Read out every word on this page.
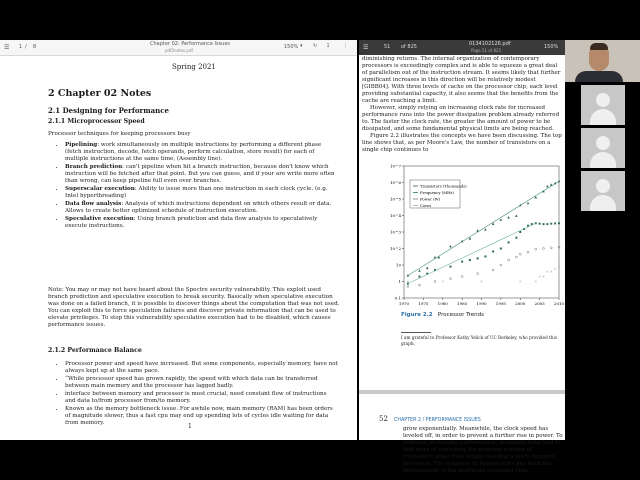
☰ 1 / 8	Chapter 02: Performance Issues
pdf2notes.pdf
150% ▾ ↻ ↧	⋮
Spring 2021
2 Chapter 02 Notes
2.1 Designing for Performance
2.1.1 Microprocessor Speed
Processor techniques for keeping processors busy
• Pipelining: work simultaneously on multiple instructions by performing a different phase (fetch instruction, decode, fetch operands, perform calculation, store result) for each of multiple instructions at the same time, (Assembly line).
• Branch prediction: can't pipeline when hit a branch instruction, because don't know which instruction will be fetched after that point. But you can guess, and if your are write more often than wrong, can keep pipeline full even over branches.
• Superscalar execution: Ability to issue more than one instruction in each clock cycle. (e.g. Intel hyperthreading)
• Data flow analysis: Analysis of which instructions dependent on which others result or data. Allows to create better optimized schedule of instruction execution.
• Speculative execution: Using branch prediction and data flow analysis to speculatively execute instructions.
Note: You may or may not have heard about the Spectre security vulnerability. This exploit used branch prediction and speculative execution to break security. Basically when speculative execution was done on a failed branch, it is possible to discover things about the computation that was not used. You can exploit this to force speculation failures and discover private information that can be used to elevate privileges. To stop this vulnerability speculative execution had to be disabled, which causes performance issues.
2.1.2 Performance Balance
• Processor power and speed have increased. But some components, especially memory, have not always kept up at the same pace.
• “While processor speed has grown rapidly, the speed with which data can be transferred between main memory and the processor has lagged badly.
• interface between memory and processor is most crucial, need constant flow of instructions and data to/from processor from/to memory.
• Known as the memory bottleneck issue. For awhile now, main memory (RAM) has been orders of magnitude slower, thus a fast cpu may end up spending lots of cycles idle waiting for data from memory.	1
☰	51 of 825	0134102126.pdf
Page 51 of 825
150%
diminishing returns. The internal organization of contemporary processors is exceedingly complex and is able to squeeze a great deal of parallelism out of the instruction stream. It seems likely that further significant increases in this direction will be relatively modest [GIBB04]. With three levels of cache on the processor chip, each level providing substantial capacity, it also seems that the benefits from the cache are reaching a limit.
However, simply relying on increasing clock rate for increased performance runs into the power dissipation problem already referred to. The faster the clock rate, the greater the amount of power to be dissipated, and some fundamental physical limits are being reached.
Figure 2.2 illustrates the concepts we have been discussing. The top line shows that, as per Moore's Law, the number of transistors on a single chip continues to
0.1
1
10
10^2
10^3
10^4
10^5
10^6
10^7
1970 1975 1980 1985 1990 1995 2000 2005 2010
Transistors (Thousands)
Frequency (MHz)
Power (W)
Cores
Figure 2.2 Processor Trends
I am grateful to Professor Kathy Yelick of UC Berkeley, who provided this graph.
52 CHAPTER 2 / PERFORMANCE ISSUES
grow exponentially. Meanwhile, the clock speed has leveled off, in order to prevent a further rise in power. To continue increasing performance, designers have had to find ways of exploiting the growing number of transistors other than simply building a more complex processor. The response in recent years has been the development of the multicore computer chip.
